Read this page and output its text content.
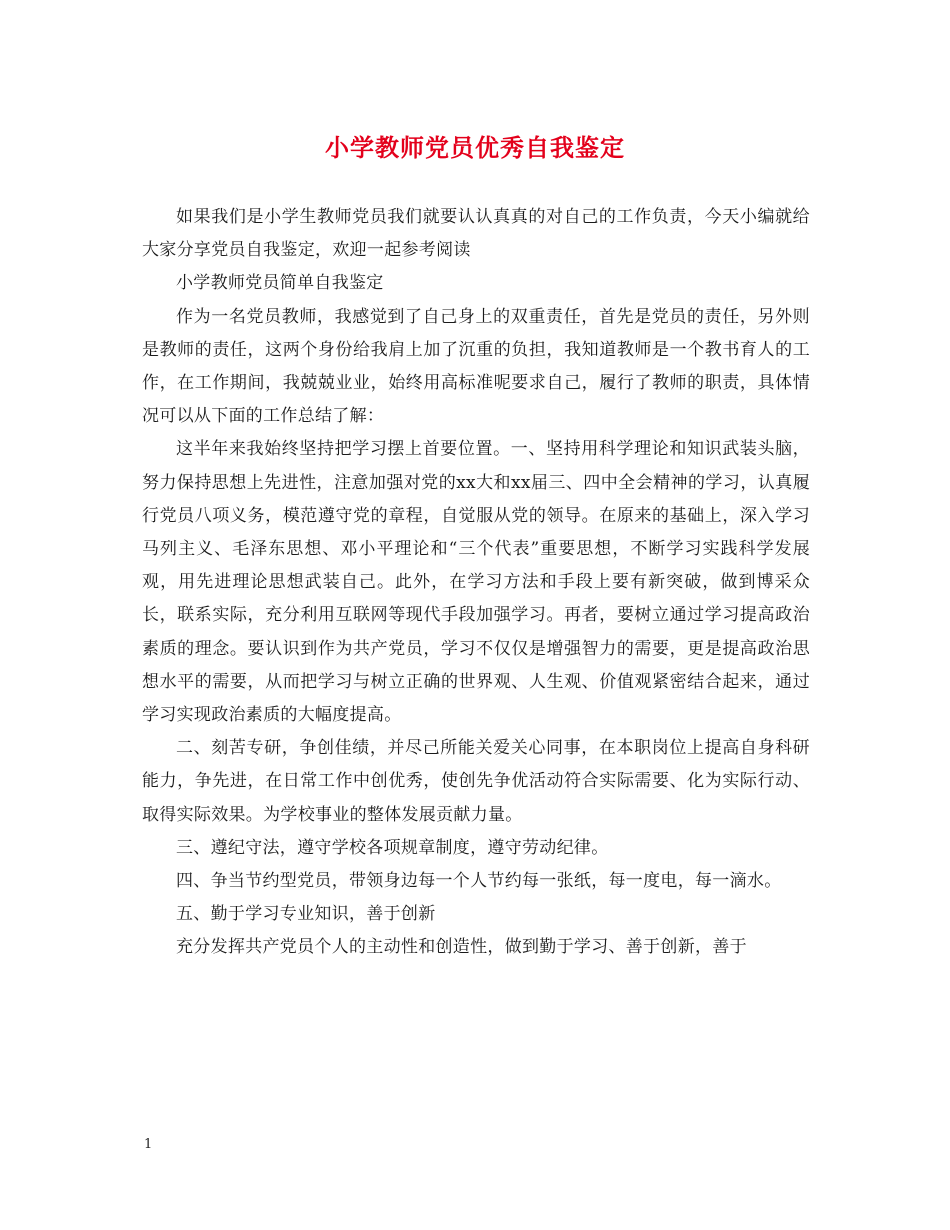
小学教师党员优秀自我鉴定

如果我们是小学生教师党员我们就要认认真真的对自己的工作负责，今天小编就给大家分享党员自我鉴定，欢迎一起参考阅读

小学教师党员简单自我鉴定

作为一名党员教师，我感觉到了自己身上的双重责任，首先是党员的责任，另外则是教师的责任，这两个身份给我肩上加了沉重的负担，我知道教师是一个教书育人的工作，在工作期间，我兢兢业业，始终用高标准呢要求自己，履行了教师的职责，具体情况可以从下面的工作总结了解：

这半年来我始终坚持把学习摆上首要位置。一、坚持用科学理论和知识武装头脑，努力保持思想上先进性，注意加强对党的xx大和xx届三、四中全会精神的学习，认真履行党员八项义务，模范遵守党的章程，自觉服从党的领导。在原来的基础上，深入学习马列主义、毛泽东思想、邓小平理论和“三个代表”重要思想，不断学习实践科学发展观，用先进理论思想武装自己。此外，在学习方法和手段上要有新突破，做到博采众长，联系实际，充分利用互联网等现代手段加强学习。再者，要树立通过学习提高政治素质的理念。要认识到作为共产党员，学习不仅仅是增强智力的需要，更是提高政治思想水平的需要，从而把学习与树立正确的世界观、人生观、价值观紧密结合起来，通过学习实现政治素质的大幅度提高。

二、刻苦专研，争创佳绩，并尽己所能关爱关心同事，在本职岗位上提高自身科研能力，争先进，在日常工作中创优秀，使创先争优活动符合实际需要、化为实际行动、取得实际效果。为学校事业的整体发展贡献力量。

三、遵纪守法，遵守学校各项规章制度，遵守劳动纪律。

四、争当节约型党员，带领身边每一个人节约每一张纸，每一度电，每一滴水。

五、勤于学习专业知识，善于创新

充分发挥共产党员个人的主动性和创造性，做到勤于学习、善于创新，善于

1
